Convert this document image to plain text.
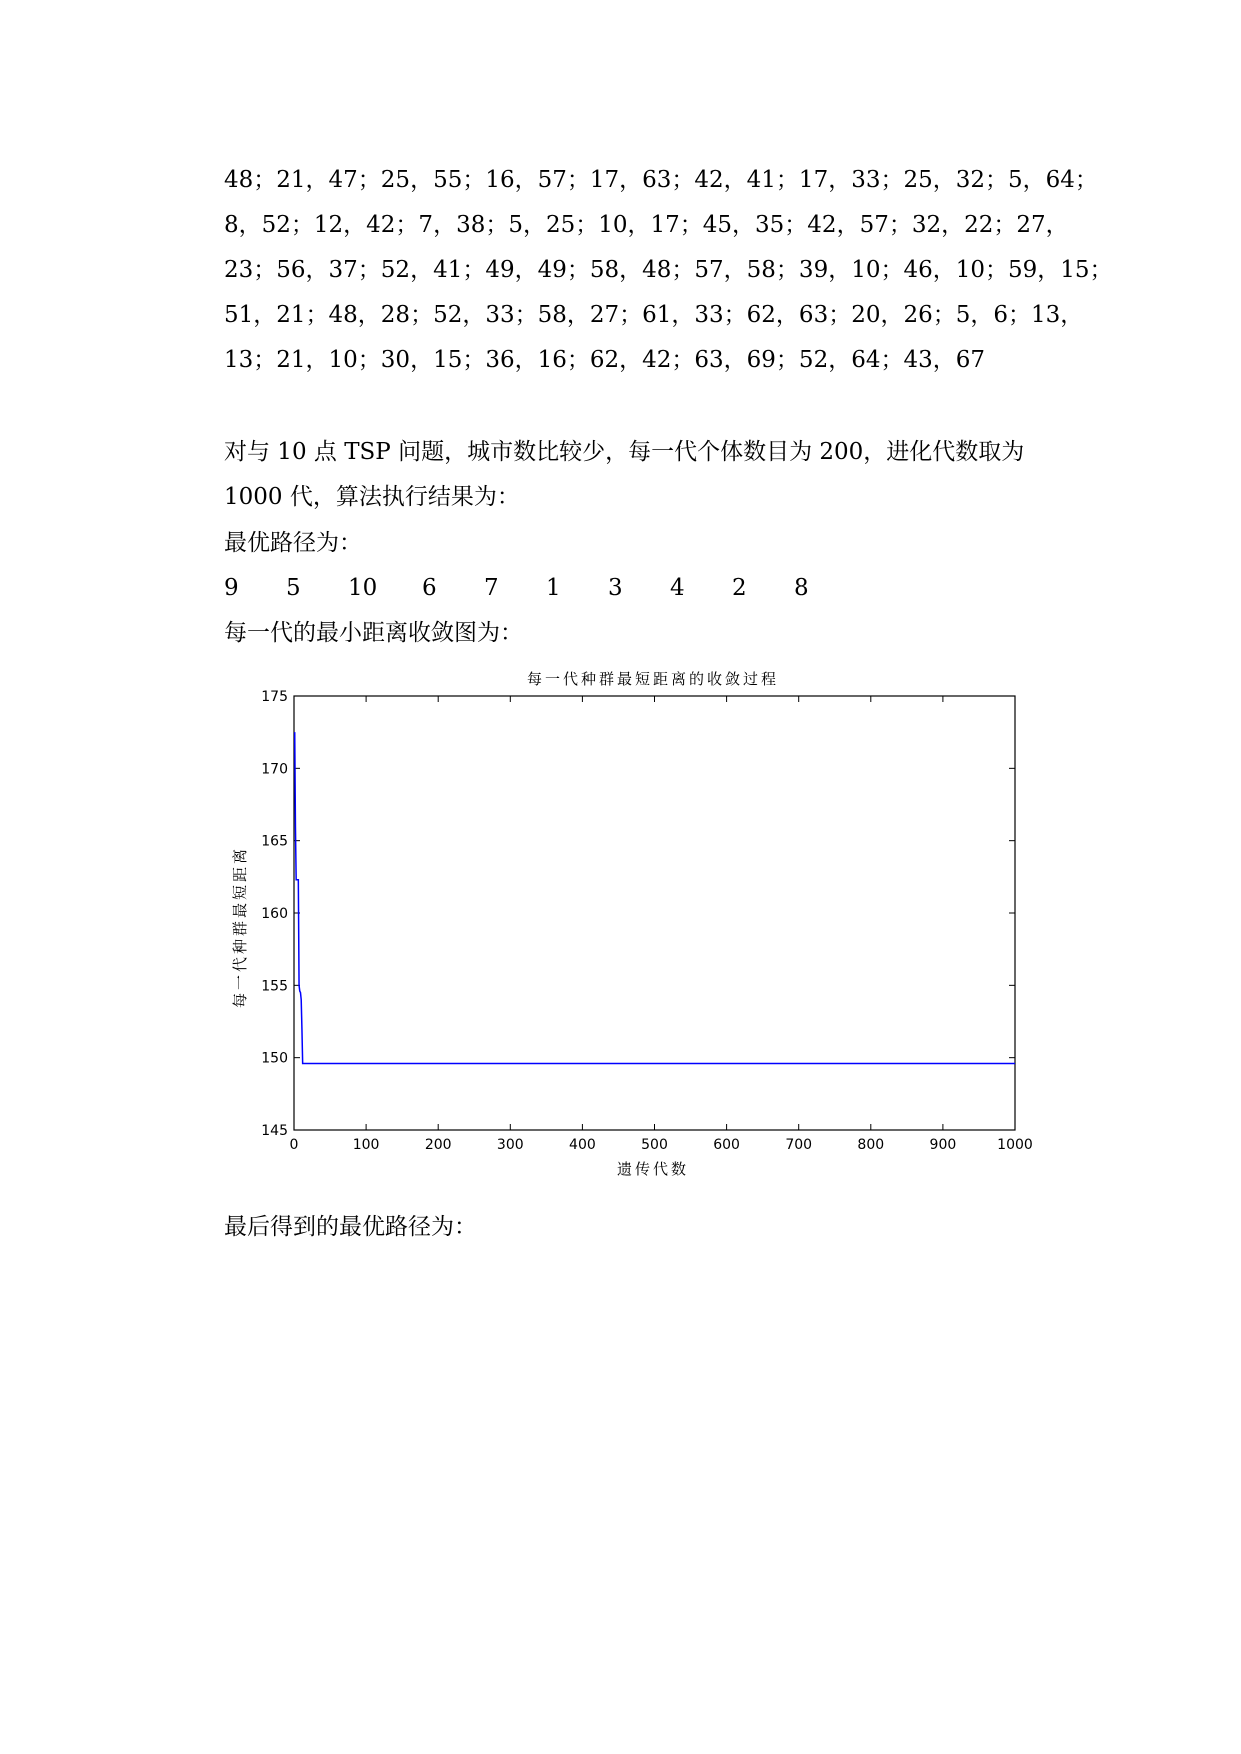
48；21，47；25，55；16，57；17，63；42，41；17，33；25，32；5，64；
8，52；12，42；7，38；5，25；10，17；45，35；42，57；32，22；27，
23；56，37；52，41；49，49；58，48；57，58；39，10；46，10；59，15；
51，21；48，28；52，33；58，27；61，33；62，63；20，26；5，6；13，
13；21，10；30，15；36，16；62，42；63，69；52，64；43，67
对与 10 点 TSP 问题，城市数比较少，每一代个体数目为 200，进化代数取为
1000 代，算法执行结果为：
最优路径为：
9 5 10 6 7 1 3 4 2 8
每一代的最小距离收敛图为：
每一代种群最短距离的收敛过程
遗传代数
每一代种群最短距离
0	100	200	300	400	500	600	700	800	900	1000
145
150
155
160
165
170
175
最后得到的最优路径为：
